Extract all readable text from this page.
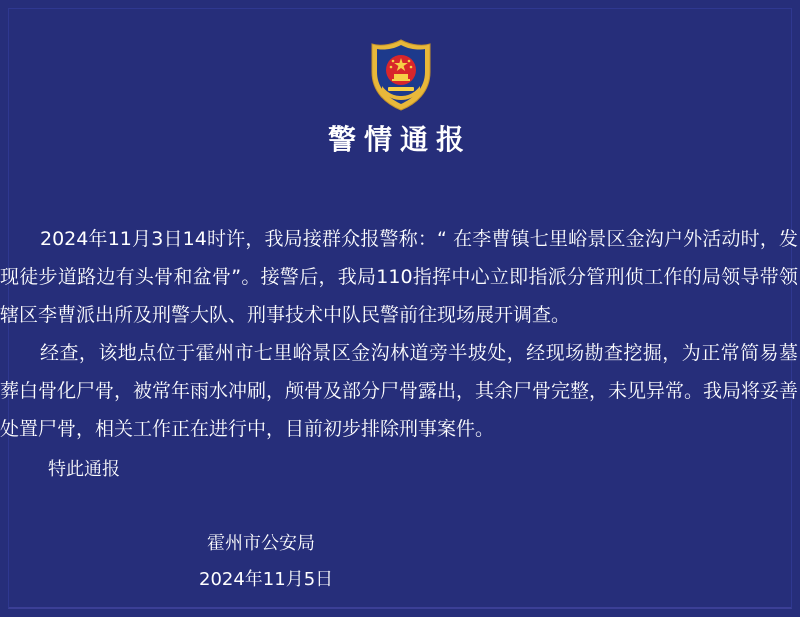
警情通报

2024年11月3日14时许，我局接群众报警称：“ 在李曹镇七里峪景区金沟户外活动时，发现徒步道路边有头骨和盆骨”。接警后，我局110指挥中心立即指派分管刑侦工作的局领导带领辖区李曹派出所及刑警大队、刑事技术中队民警前往现场展开调查。

经查，该地点位于霍州市七里峪景区金沟林道旁半坡处，经现场勘查挖掘，为正常简易墓葬白骨化尸骨，被常年雨水冲刷，颅骨及部分尸骨露出，其余尸骨完整，未见异常。我局将妥善处置尸骨，相关工作正在进行中，目前初步排除刑事案件。

特此通报
霍州市公安局
2024年11月5日
